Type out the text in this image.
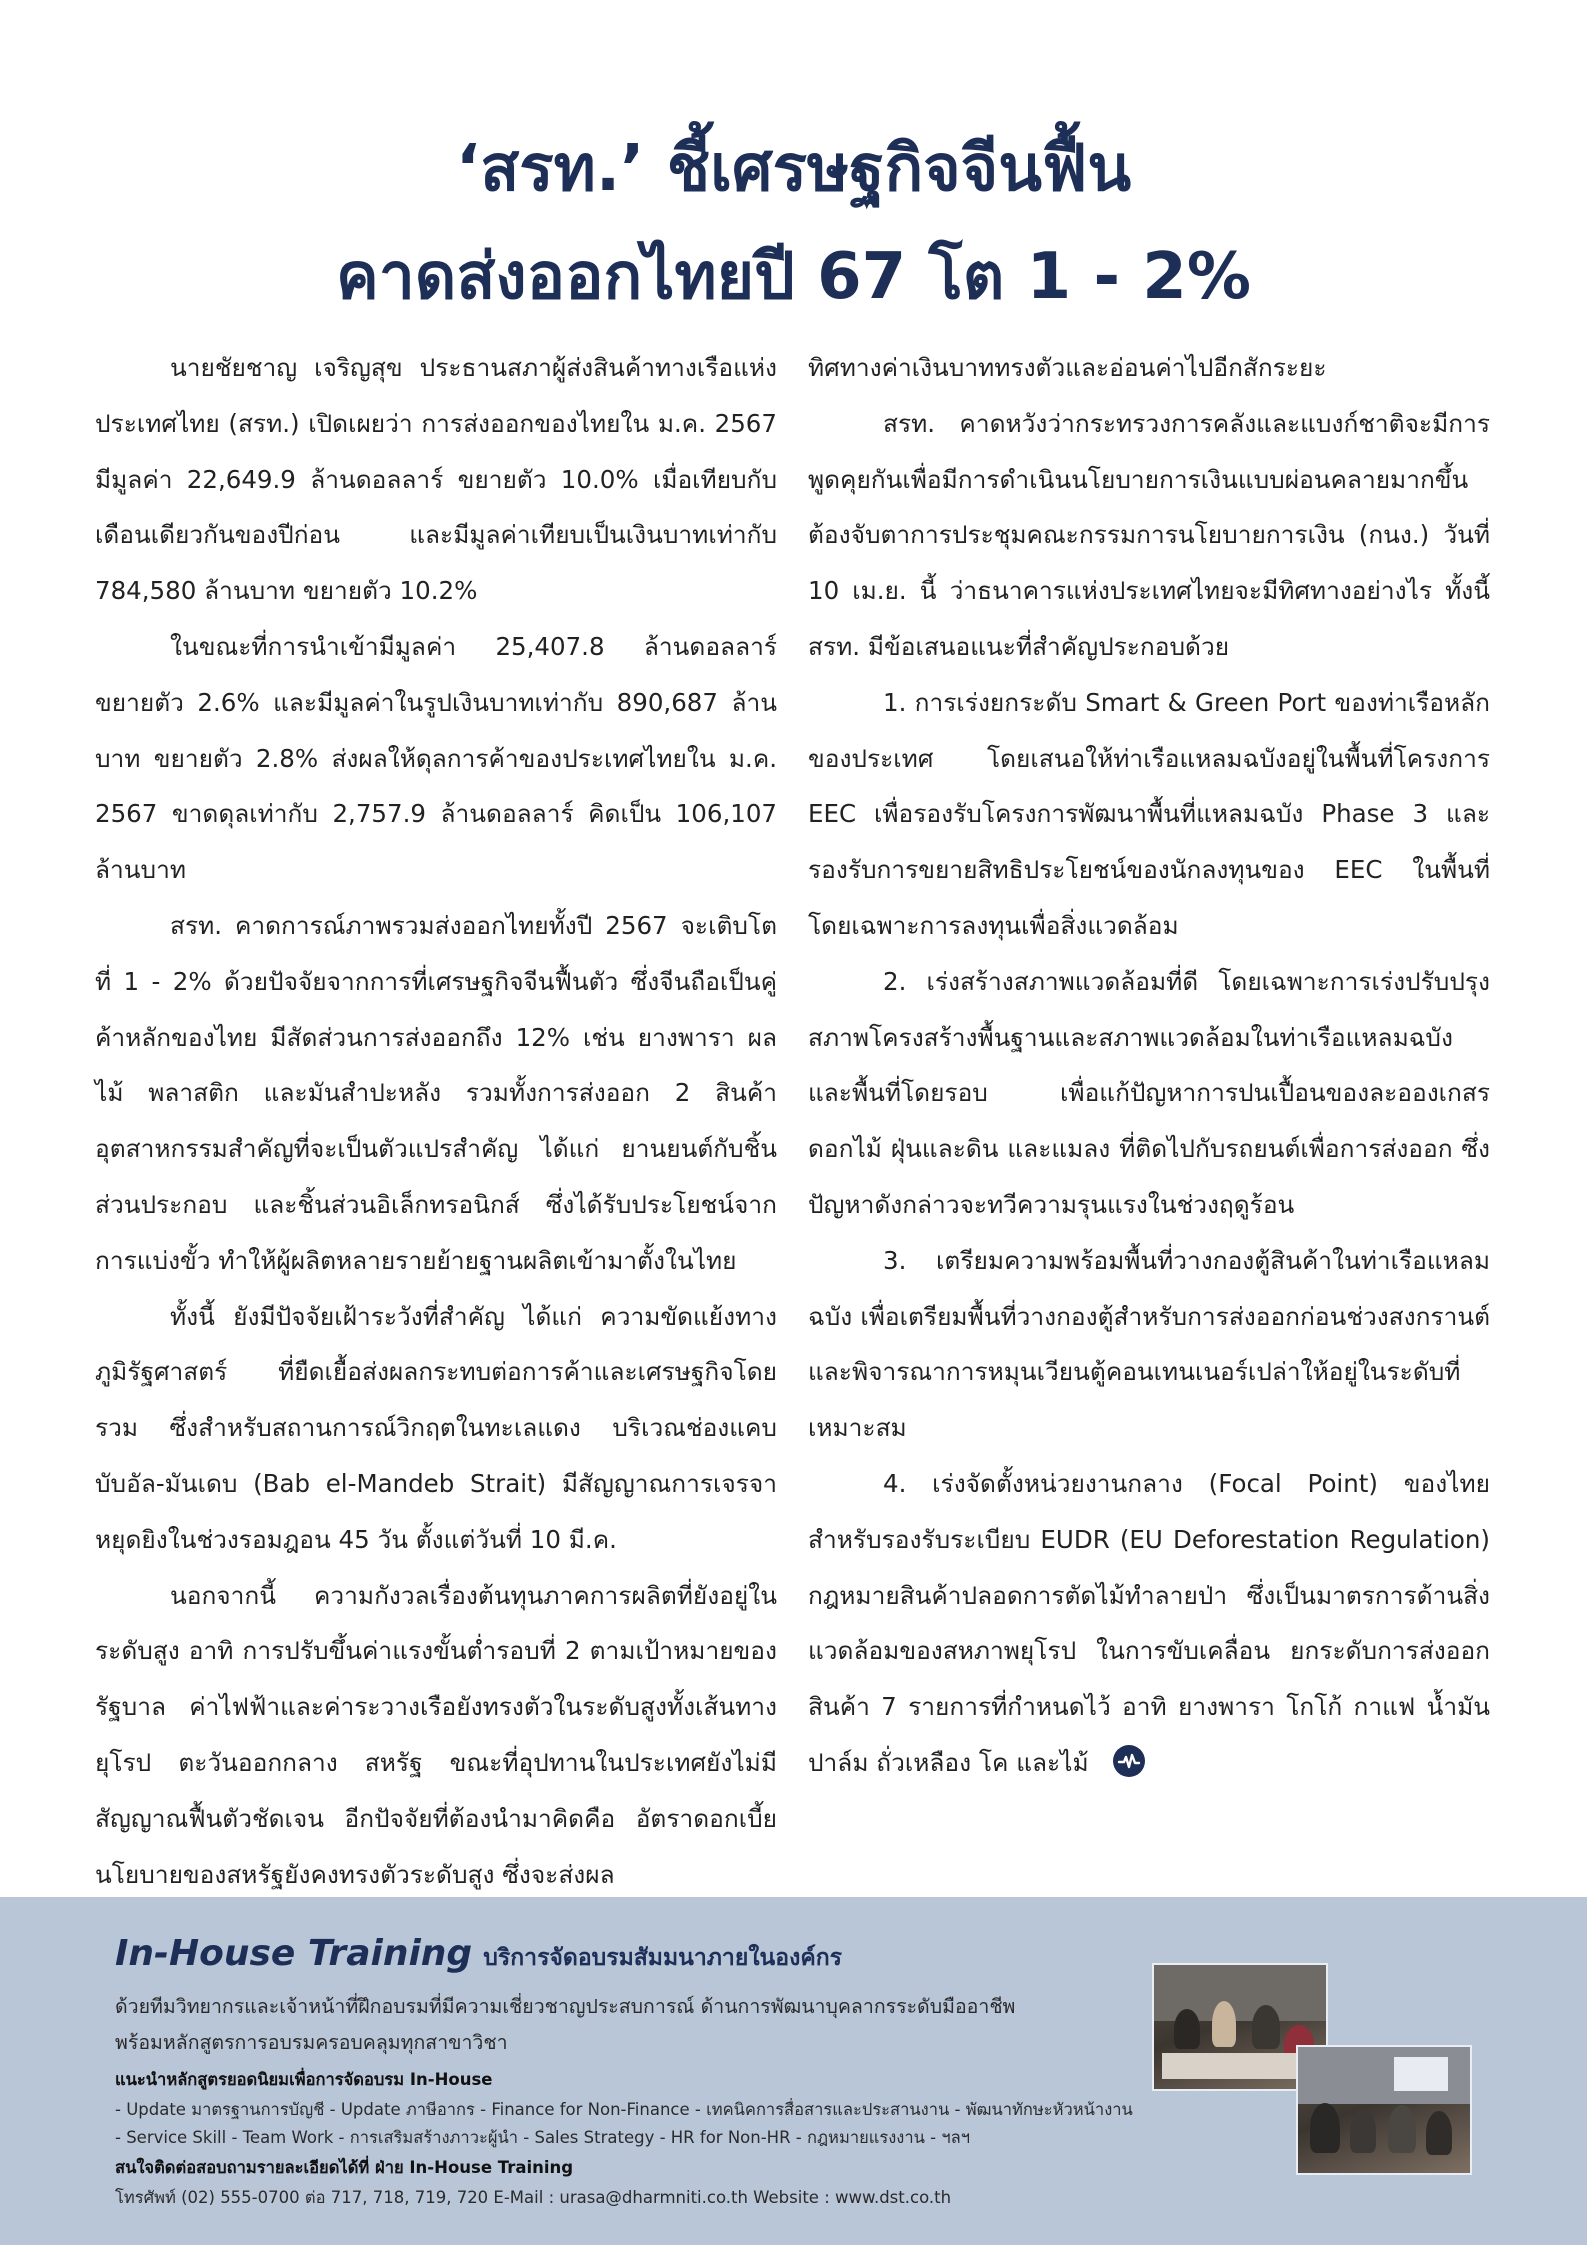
‘สรท.’ ชี้เศรษฐกิจจีนฟื้น
คาดส่งออกไทยปี 67 โต 1 - 2%

นายชัยชาญ เจริญสุข ประธานสภาผู้ส่งสินค้าทางเรือแห่งประเทศไทย (สรท.) เปิดเผยว่า การส่งออกของไทยใน ม.ค. 2567 มีมูลค่า 22,649.9 ล้านดอลลาร์ ขยายตัว 10.0% เมื่อเทียบกับเดือนเดียวกันของปีก่อน และมีมูลค่าเทียบเป็นเงินบาทเท่ากับ 784,580 ล้านบาท ขยายตัว 10.2%

ในขณะที่การนำเข้ามีมูลค่า 25,407.8 ล้านดอลลาร์ ขยายตัว 2.6% และมีมูลค่าในรูปเงินบาทเท่ากับ 890,687 ล้านบาท ขยายตัว 2.8% ส่งผลให้ดุลการค้าของประเทศไทยใน ม.ค. 2567 ขาดดุลเท่ากับ 2,757.9 ล้านดอลลาร์ คิดเป็น 106,107 ล้านบาท

สรท. คาดการณ์ภาพรวมส่งออกไทยทั้งปี 2567 จะเติบโตที่ 1 - 2% ด้วยปัจจัยจากการที่เศรษฐกิจจีนฟื้นตัว ซึ่งจีนถือเป็นคู่ค้าหลักของไทย มีสัดส่วนการส่งออกถึง 12% เช่น ยางพารา ผลไม้ พลาสติก และมันสำปะหลัง รวมทั้งการส่งออก 2 สินค้าอุตสาหกรรมสำคัญที่จะเป็นตัวแปรสำคัญ ได้แก่ ยานยนต์กับชิ้นส่วนประกอบ และชิ้นส่วนอิเล็กทรอนิกส์ ซึ่งได้รับประโยชน์จากการแบ่งขั้ว ทำให้ผู้ผลิตหลายรายย้ายฐานผลิตเข้ามาตั้งในไทย

ทั้งนี้ ยังมีปัจจัยเฝ้าระวังที่สำคัญ ได้แก่ ความขัดแย้งทางภูมิรัฐศาสตร์ ที่ยืดเยื้อส่งผลกระทบต่อการค้าและเศรษฐกิจโดยรวม ซึ่งสำหรับสถานการณ์วิกฤตในทะเลแดง บริเวณช่องแคบบับอัล-มันเดบ (Bab el-Mandeb Strait) มีสัญญาณการเจรจาหยุดยิงในช่วงรอมฎอน 45 วัน ตั้งแต่วันที่ 10 มี.ค.

นอกจากนี้ ความกังวลเรื่องต้นทุนภาคการผลิตที่ยังอยู่ในระดับสูง อาทิ การปรับขึ้นค่าแรงขั้นต่ำรอบที่ 2 ตามเป้าหมายของรัฐบาล ค่าไฟฟ้าและค่าระวางเรือยังทรงตัวในระดับสูงทั้งเส้นทางยุโรป ตะวันออกกลาง สหรัฐ ขณะที่อุปทานในประเทศยังไม่มีสัญญาณฟื้นตัวชัดเจน อีกปัจจัยที่ต้องนำมาคิดคือ อัตราดอกเบี้ยนโยบายของสหรัฐยังคงทรงตัวระดับสูง ซึ่งจะส่งผล

ทิศทางค่าเงินบาททรงตัวและอ่อนค่าไปอีกสักระยะ

สรท. คาดหวังว่ากระทรวงการคลังและแบงก์ชาติจะมีการพูดคุยกันเพื่อมีการดำเนินนโยบายการเงินแบบผ่อนคลายมากขึ้น ต้องจับตาการประชุมคณะกรรมการนโยบายการเงิน (กนง.) วันที่ 10 เม.ย. นี้ ว่าธนาคารแห่งประเทศไทยจะมีทิศทางอย่างไร ทั้งนี้ สรท. มีข้อเสนอแนะที่สำคัญประกอบด้วย

1. การเร่งยกระดับ Smart & Green Port ของท่าเรือหลักของประเทศ โดยเสนอให้ท่าเรือแหลมฉบังอยู่ในพื้นที่โครงการ EEC เพื่อรองรับโครงการพัฒนาพื้นที่แหลมฉบัง Phase 3 และรองรับการขยายสิทธิประโยชน์ของนักลงทุนของ EEC ในพื้นที่ โดยเฉพาะการลงทุนเพื่อสิ่งแวดล้อม

2. เร่งสร้างสภาพแวดล้อมที่ดี โดยเฉพาะการเร่งปรับปรุงสภาพโครงสร้างพื้นฐานและสภาพแวดล้อมในท่าเรือแหลมฉบังและพื้นที่โดยรอบ เพื่อแก้ปัญหาการปนเปื้อนของละอองเกสรดอกไม้ ฝุ่นและดิน และแมลง ที่ติดไปกับรถยนต์เพื่อการส่งออก ซึ่งปัญหาดังกล่าวจะทวีความรุนแรงในช่วงฤดูร้อน

3. เตรียมความพร้อมพื้นที่วางกองตู้สินค้าในท่าเรือแหลมฉบัง เพื่อเตรียมพื้นที่วางกองตู้สำหรับการส่งออกก่อนช่วงสงกรานต์ และพิจารณาการหมุนเวียนตู้คอนเทนเนอร์เปล่าให้อยู่ในระดับที่เหมาะสม

4. เร่งจัดตั้งหน่วยงานกลาง (Focal Point) ของไทยสำหรับรองรับระเบียบ EUDR (EU Deforestation Regulation) กฎหมายสินค้าปลอดการตัดไม้ทำลายป่า ซึ่งเป็นมาตรการด้านสิ่งแวดล้อมของสหภาพยุโรป ในการขับเคลื่อน ยกระดับการส่งออกสินค้า 7 รายการที่กำหนดไว้ อาทิ ยางพารา โกโก้ กาแฟ น้ำมันปาล์ม ถั่วเหลือง โค และไม้

In-House Training บริการจัดอบรมสัมมนาภายในองค์กร
ด้วยทีมวิทยากรและเจ้าหน้าที่ฝึกอบรมที่มีความเชี่ยวชาญประสบการณ์ ด้านการพัฒนาบุคลากรระดับมืออาชีพ
พร้อมหลักสูตรการอบรมครอบคลุมทุกสาขาวิชา
แนะนำหลักสูตรยอดนิยมเพื่อการจัดอบรม In-House
- Update มาตรฐานการบัญชี - Update ภาษีอากร - Finance for Non-Finance - เทคนิคการสื่อสารและประสานงาน - พัฒนาทักษะหัวหน้างาน
- Service Skill - Team Work - การเสริมสร้างภาวะผู้นำ - Sales Strategy - HR for Non-HR - กฎหมายแรงงาน - ฯลฯ
สนใจติดต่อสอบถามรายละเอียดได้ที่ ฝ่าย In-House Training
โทรศัพท์ (02) 555-0700 ต่อ 717, 718, 719, 720 E-Mail : urasa@dharmniti.co.th Website : www.dst.co.th
